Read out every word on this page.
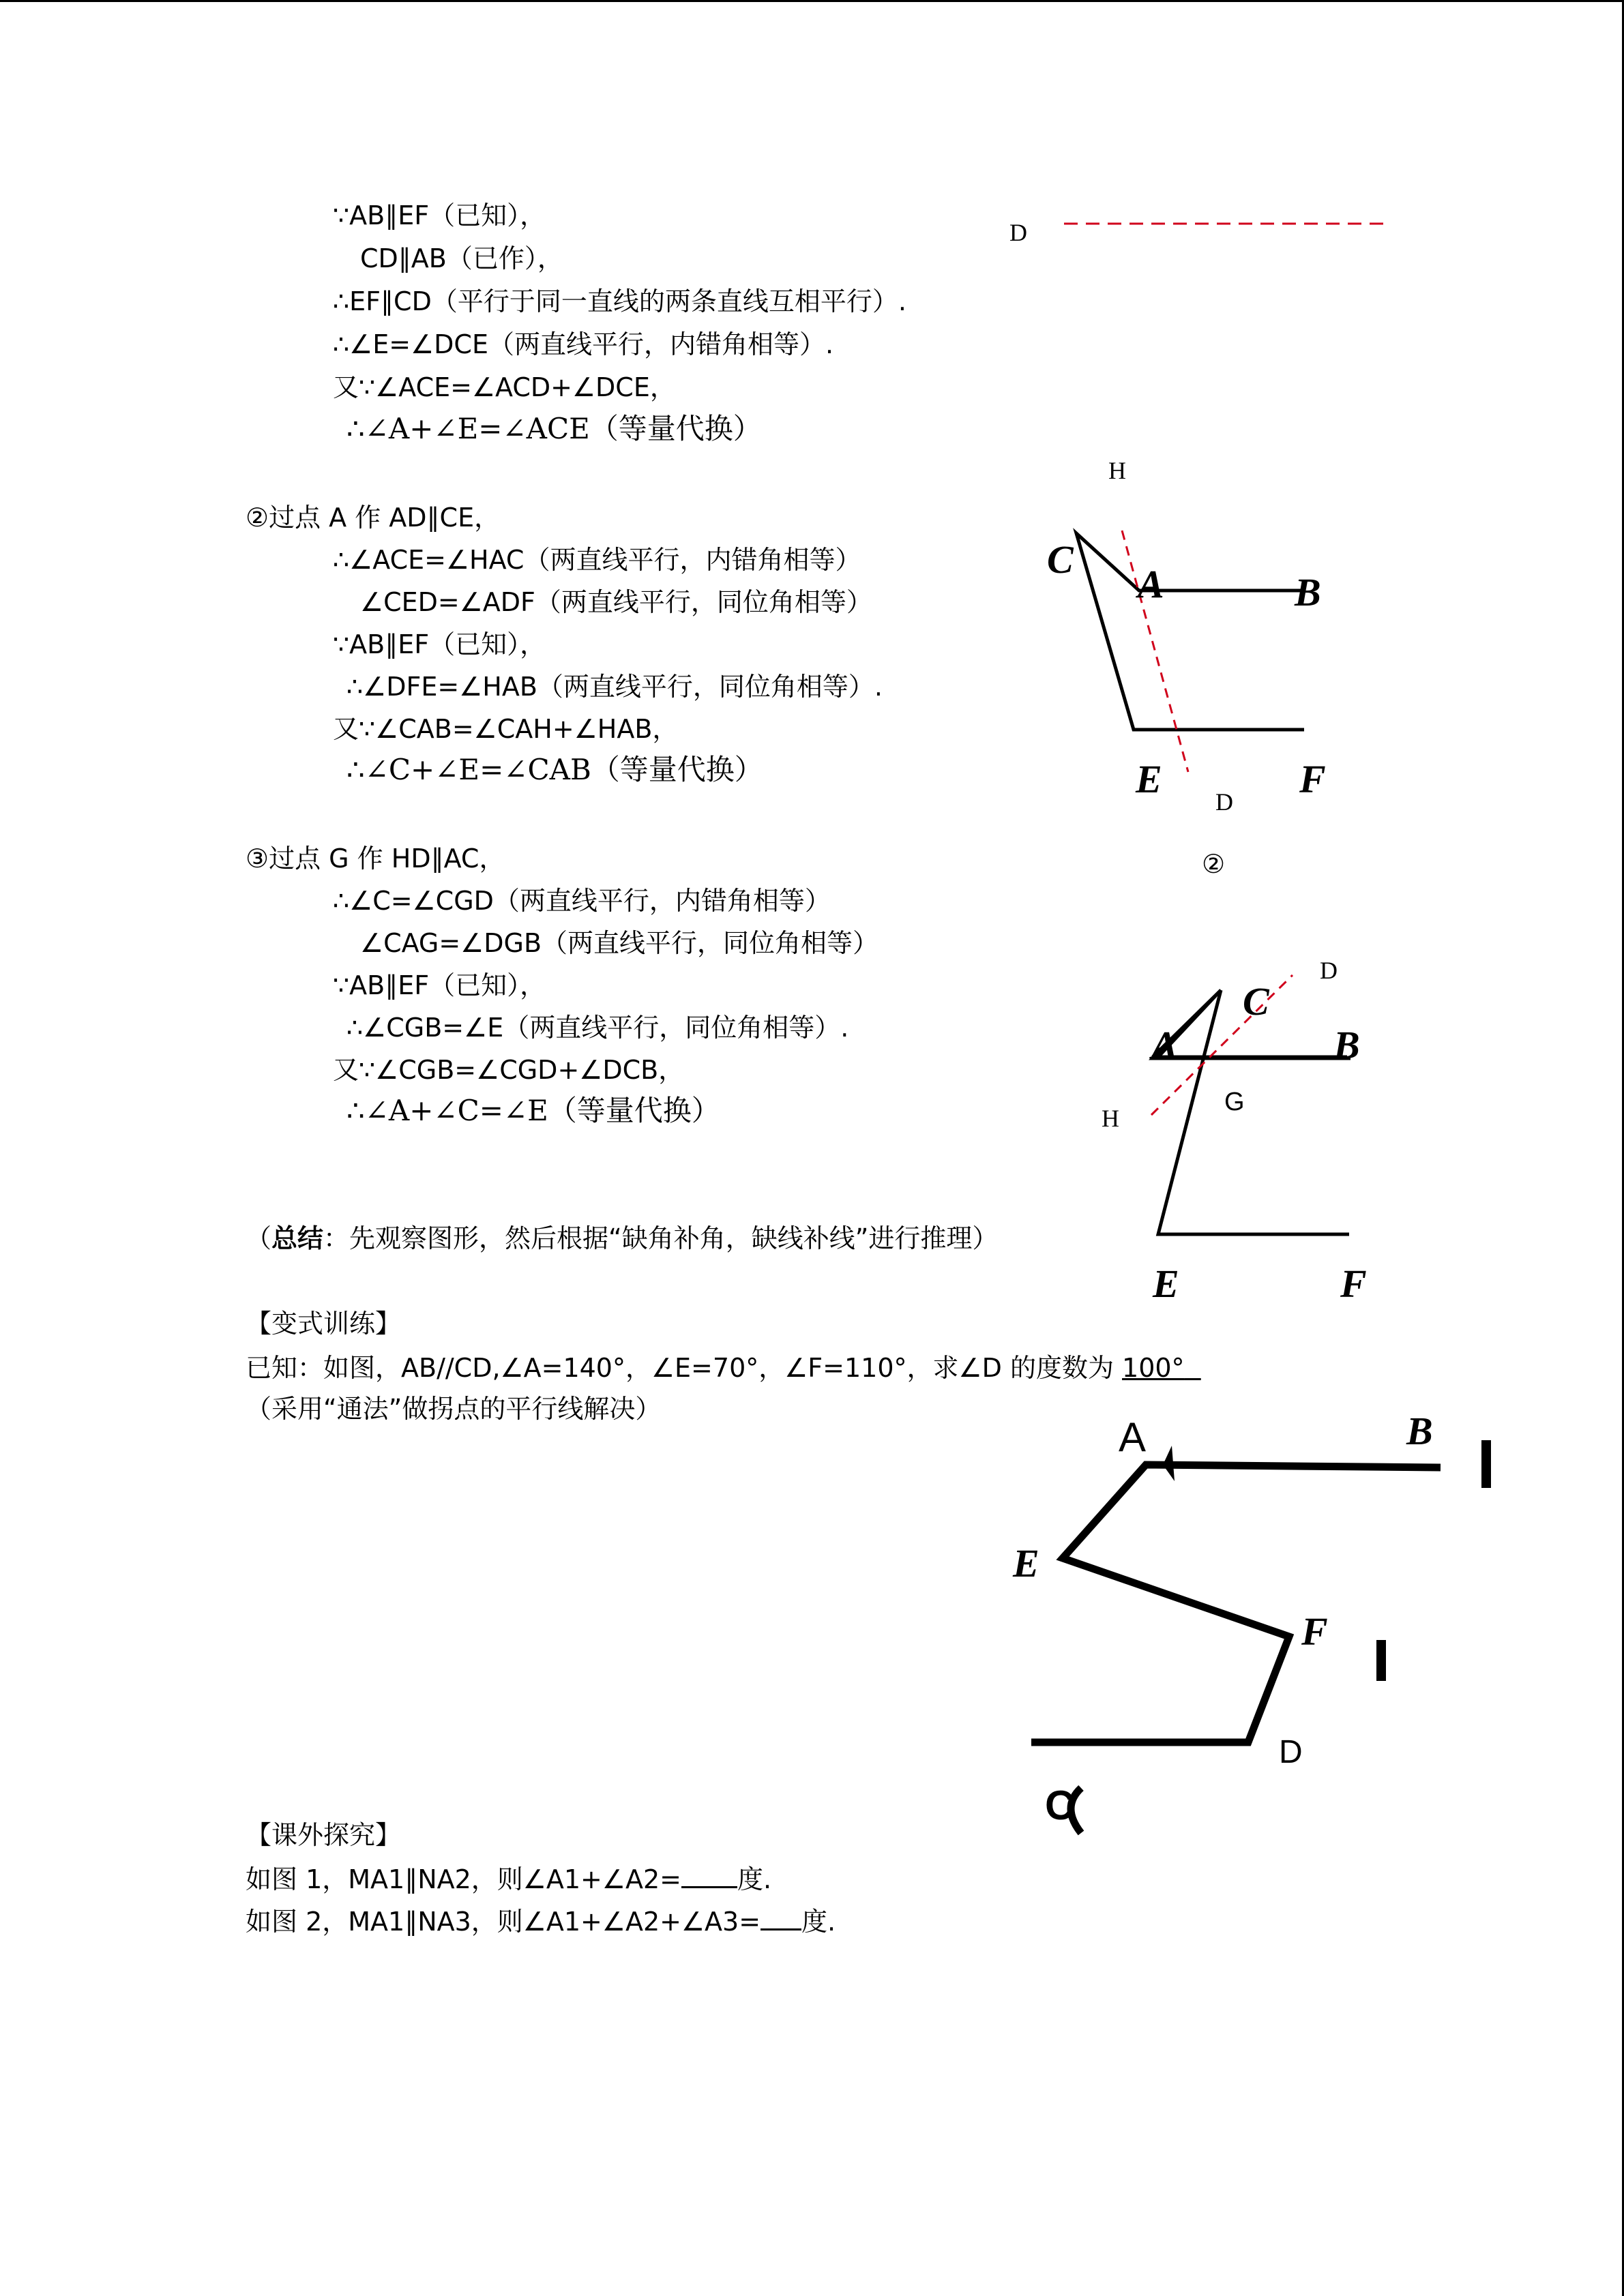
∵AB∥EF（已知），
CD∥AB（已作），
∴EF∥CD（平行于同一直线的两条直线互相平行）.
∴∠E=∠DCE（两直线平行，内错角相等）.
又∵∠ACE=∠ACD+∠DCE，
∴∠A+∠E=∠ACE（等量代换）
②过点 A 作 AD∥CE，
∴∠ACE=∠HAC（两直线平行，内错角相等）
∠CED=∠ADF（两直线平行，同位角相等）
∵AB∥EF（已知），
∴∠DFE=∠HAB（两直线平行，同位角相等）.
又∵∠CAB=∠CAH+∠HAB，
∴∠C+∠E=∠CAB（等量代换）
③过点 G 作 HD∥AC，
∴∠C=∠CGD（两直线平行，内错角相等）
∠CAG=∠DGB（两直线平行，同位角相等）
∵AB∥EF（已知），
∴∠CGB=∠E（两直线平行，同位角相等）.
又∵∠CGB=∠CGD+∠DCB，
∴∠A+∠C=∠E（等量代换）
（总结：先观察图形，然后根据“缺角补角，缺线补线”进行推理）
【变式训练】
已知：如图，AB//CD,∠A=140°，∠E=70°，∠F=110°，求∠D 的度数为 100°
（采用“通法”做拐点的平行线解决）
【课外探究】
如图 1，MA1∥NA2，则∠A1+∠A2= 度.
如图 2，MA1∥NA3，则∠A1+∠A2+∠A3= 度.
D
H
C
A	B
E	F
D
②
D
C
A	B
G
H
E	F
A	B
E
F
D
C
